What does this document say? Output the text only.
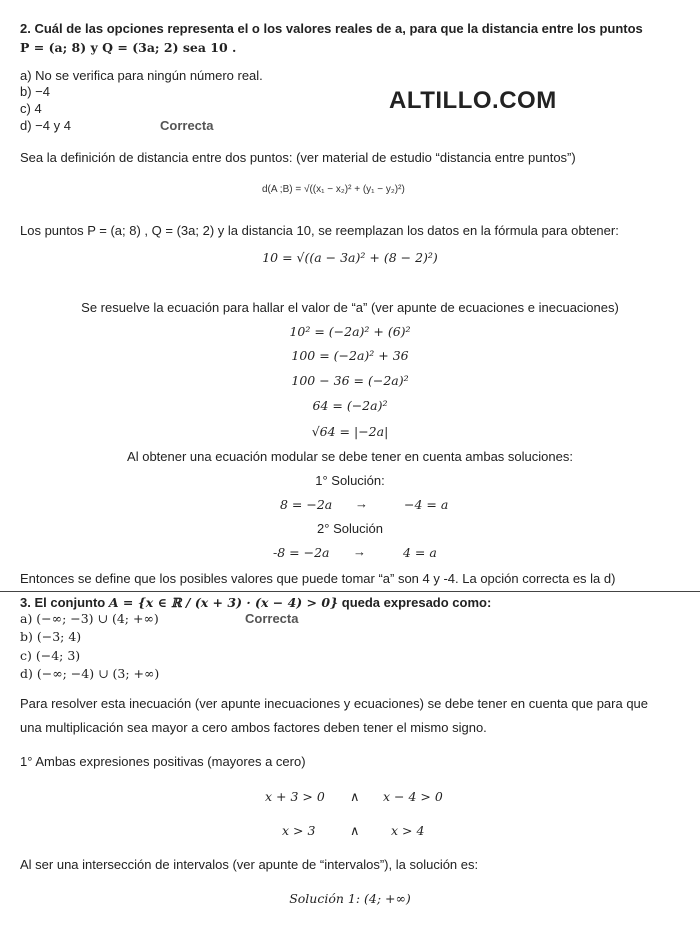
2. Cuál de las opciones representa el o los valores reales de a, para que la distancia entre los puntos
P = (a; 8) y Q = (3a; 2) sea 10 .
a) No se verifica para ningún número real.
b) −4
c) 4
d) −4 y 4	Correcta
ALTILLO.COM
Sea la definición de distancia entre dos puntos: (ver material de estudio “distancia entre puntos”)
d(A ;B) = √((x₁ − x₂)² + (y₁ − y₂)²)
Los puntos P = (a; 8) , Q = (3a; 2) y la distancia 10, se reemplazan los datos en la fórmula para obtener:
10 = √((a − 3a)² + (8 − 2)²)
Se resuelve la ecuación para hallar el valor de “a” (ver apunte de ecuaciones e inecuaciones)
10² = (−2a)² + (6)²
100 = (−2a)² + 36
100 − 36 = (−2a)²
64 = (−2a)²
√64 = |−2a|
Al obtener una ecuación modular se debe tener en cuenta ambas soluciones:
1° Solución:
8 = −2a →	−4 = a
2° Solución
-8 = −2a →	4 = a
Entonces se define que los posibles valores que puede tomar “a” son 4 y -4. La opción correcta es la d)
3. El conjunto A = {x ∈ ℝ / (x + 3) · (x − 4) > 0} queda expresado como:
a) (−∞; −3) ∪ (4; +∞)	Correcta
b) (−3; 4)
c) (−4; 3)
d) (−∞; −4) ∪ (3; +∞)
Para resolver esta inecuación (ver apunte inecuaciones y ecuaciones) se debe tener en cuenta que para que
una multiplicación sea mayor a cero ambos factores deben tener el mismo signo.
1° Ambas expresiones positivas (mayores a cero)
x + 3 > 0 ∧ x − 4 > 0
x > 3	∧	x > 4
Al ser una intersección de intervalos (ver apunte de “intervalos”), la solución es:
Solución 1: (4; +∞)
